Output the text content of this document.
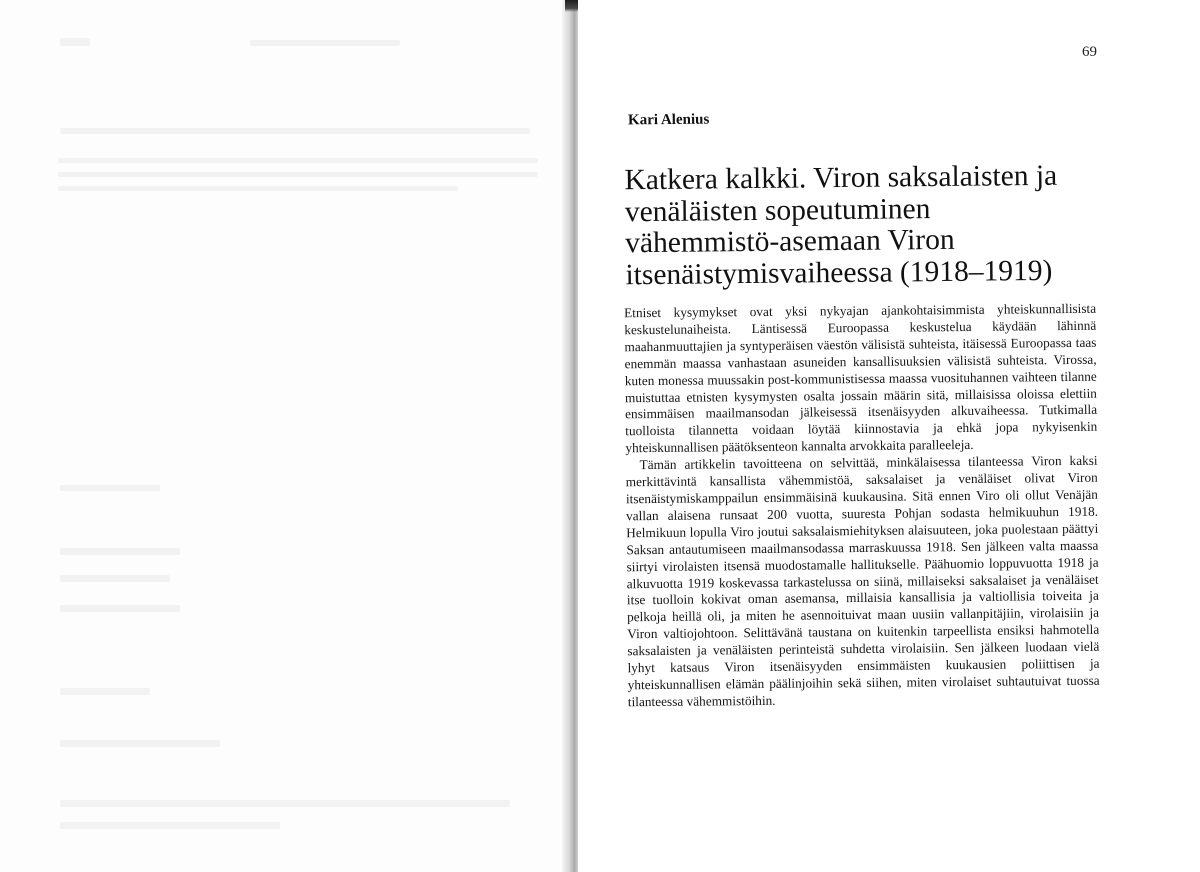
69
Kari Alenius
Katkera kalkki. Viron saksalaisten ja venäläisten sopeutuminen vähemmistö-asemaan Viron itsenäistymisvaiheessa (1918–1919)

Etniset kysymykset ovat yksi nykyajan ajankohtaisimmista yhteiskunnallisista keskustelunaiheista. Läntisessä Euroopassa keskustelua käydään lähinnä maahanmuuttajien ja syntyperäisen väestön välisistä suhteista, itäisessä Euroopassa taas enemmän maassa vanhastaan asuneiden kansallisuuksien välisistä suhteista. Virossa, kuten monessa muussakin post-kommunistisessa maassa vuosituhannen vaihteen tilanne muistuttaa etnisten kysymysten osalta jossain määrin sitä, millaisissa oloissa elettiin ensimmäisen maailmansodan jälkeisessä itsenäisyyden alkuvaiheessa. Tutkimalla tuolloista tilannetta voidaan löytää kiinnostavia ja ehkä jopa nykyisenkin yhteiskunnallisen päätöksenteon kannalta arvokkaita paralleeleja.

Tämän artikkelin tavoitteena on selvittää, minkälaisessa tilanteessa Viron kaksi merkittävintä kansallista vähemmistöä, saksalaiset ja venäläiset olivat Viron itsenäistymiskamppailun ensimmäisinä kuukausina. Sitä ennen Viro oli ollut Venäjän vallan alaisena runsaat 200 vuotta, suuresta Pohjan sodasta helmikuuhun 1918. Helmikuun lopulla Viro joutui saksalaismiehityksen alaisuuteen, joka puolestaan päättyi Saksan antautumiseen maailmansodassa marraskuussa 1918. Sen jälkeen valta maassa siirtyi virolaisten itsensä muodostamalle hallitukselle. Päähuomio loppuvuotta 1918 ja alkuvuotta 1919 koskevassa tarkastelussa on siinä, millaiseksi saksalaiset ja venäläiset itse tuolloin kokivat oman asemansa, millaisia kansallisia ja valtiollisia toiveita ja pelkoja heillä oli, ja miten he asennoituivat maan uusiin vallanpitäjiin, virolaisiin ja Viron valtiojohtoon. Selittävänä taustana on kuitenkin tarpeellista ensiksi hahmotella saksalaisten ja venäläisten perinteistä suhdetta virolaisiin. Sen jälkeen luodaan vielä lyhyt katsaus Viron itsenäisyyden ensimmäisten kuukausien poliittisen ja yhteiskunnallisen elämän päälinjoihin sekä siihen, miten virolaiset suhtautuivat tuossa tilanteessa vähemmistöihin.
